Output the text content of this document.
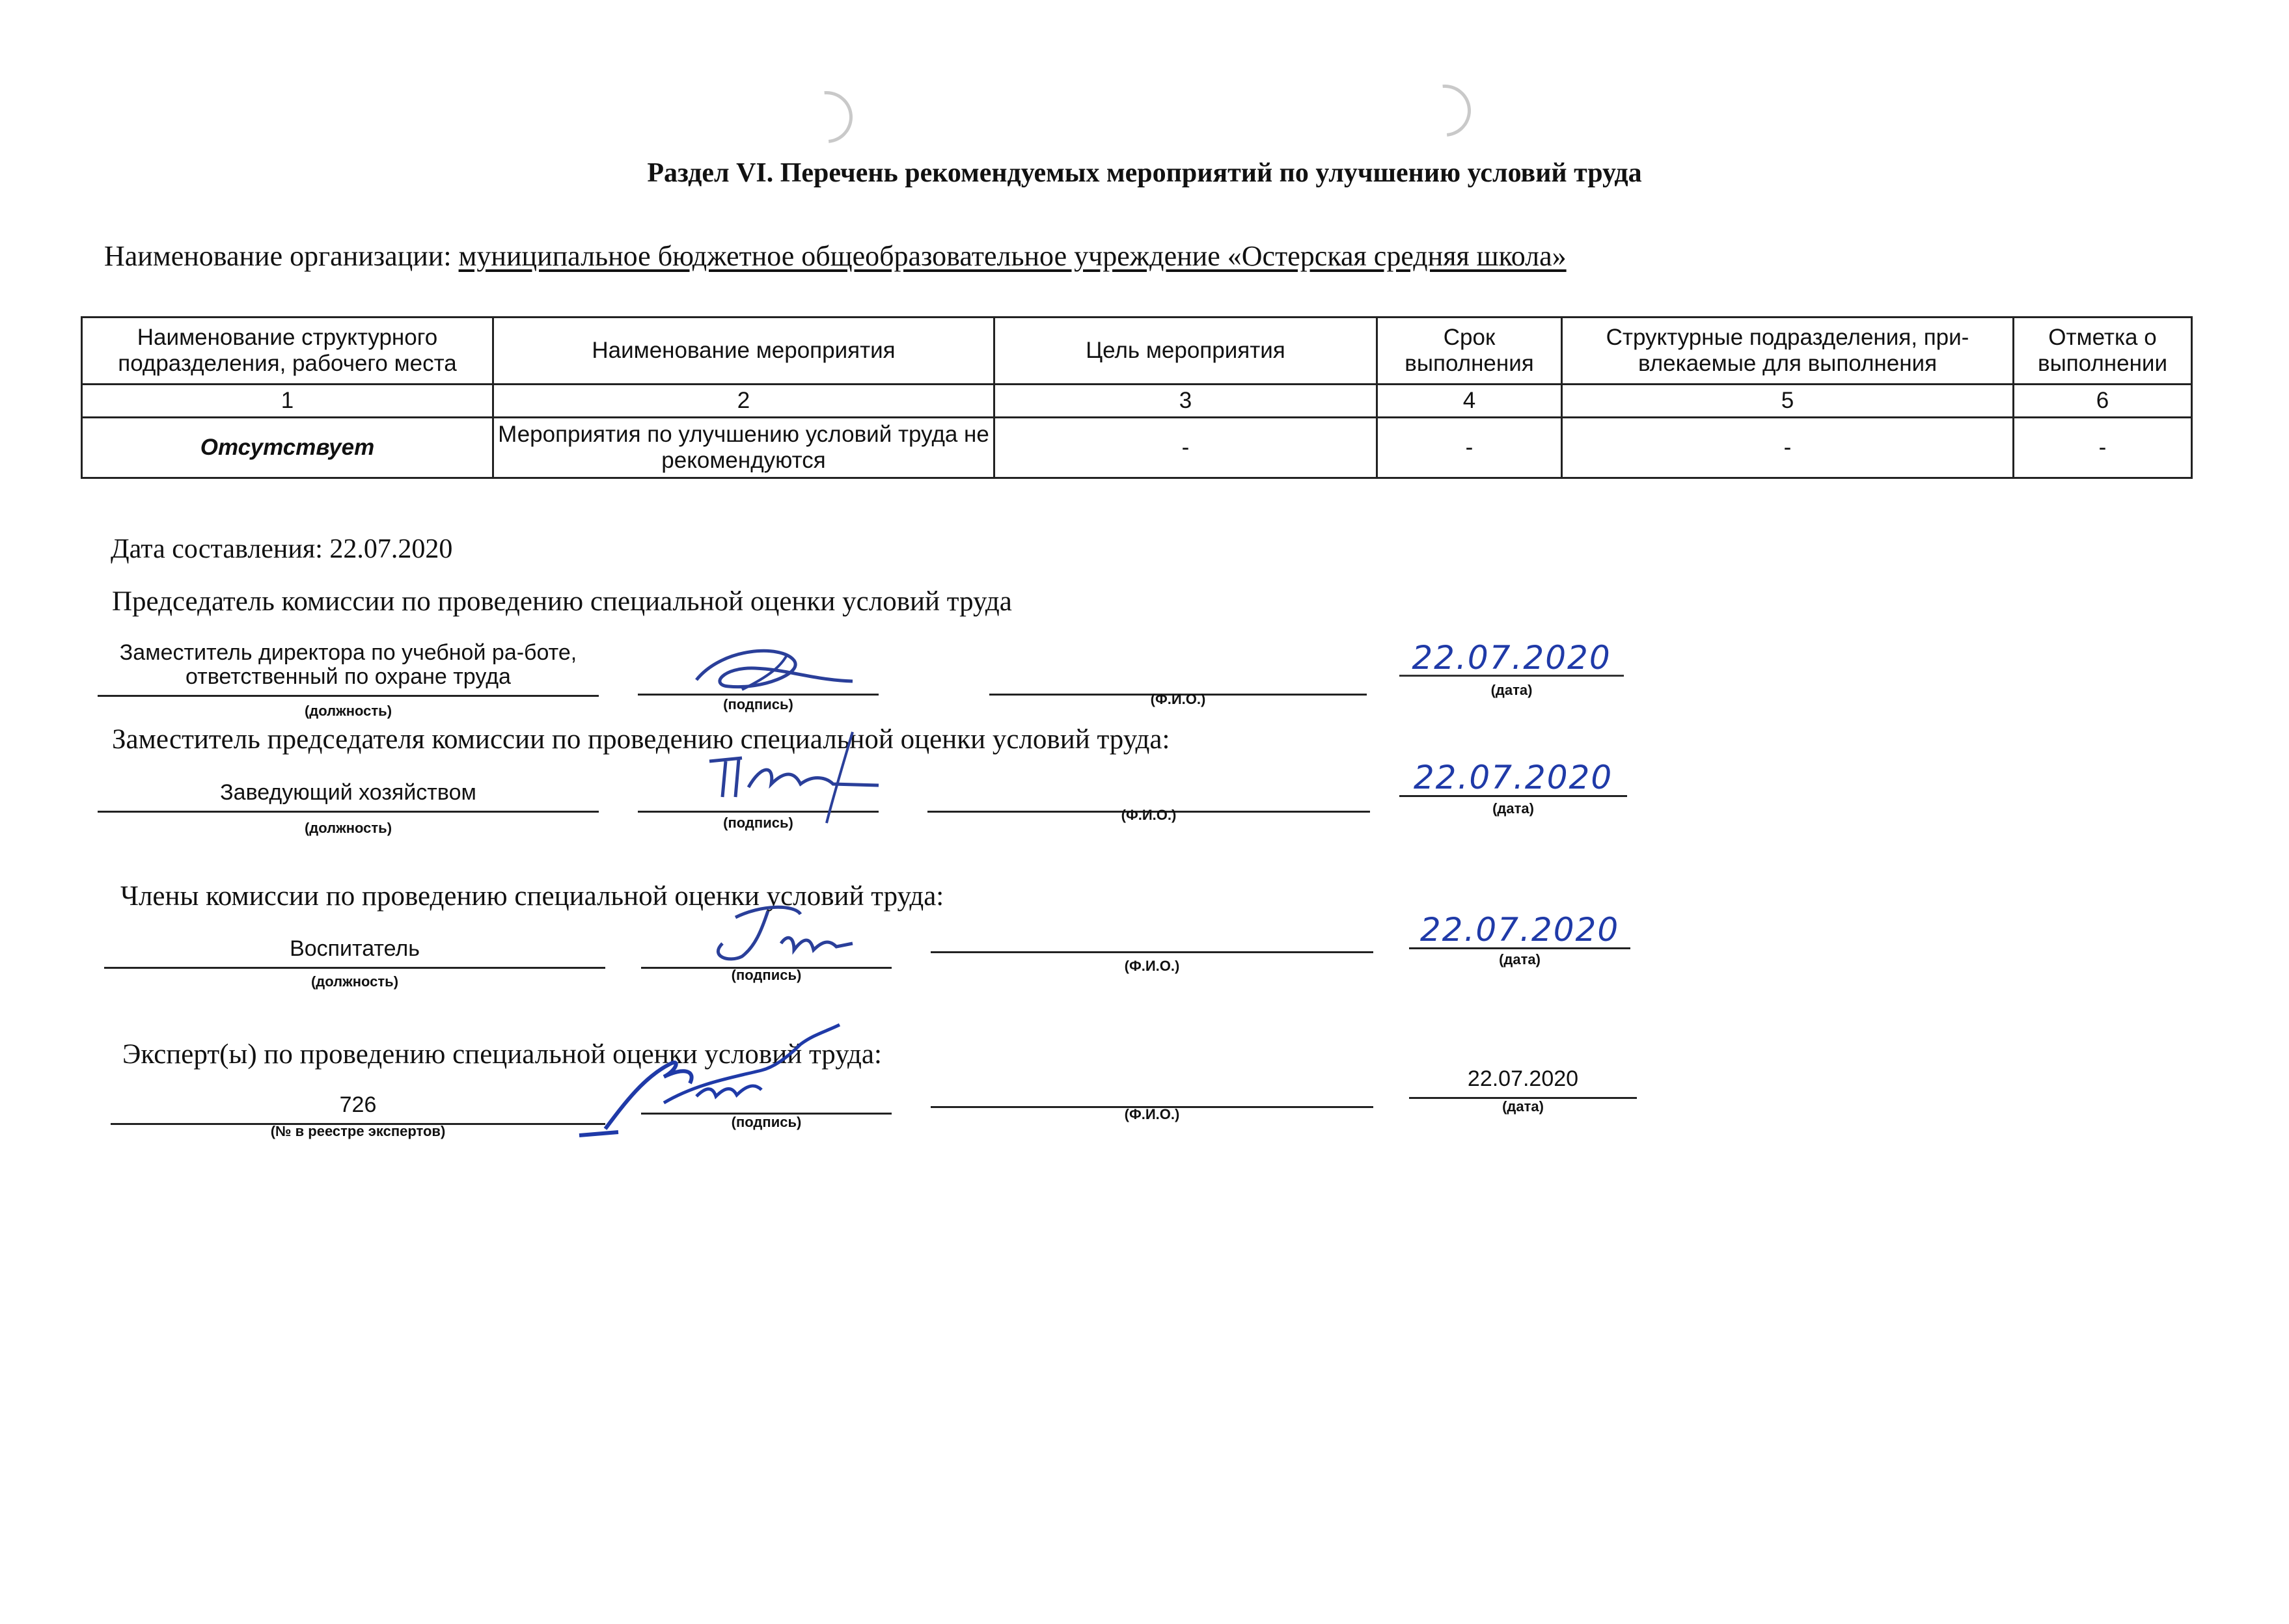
Раздел VI. Перечень рекомендуемых мероприятий по улучшению условий труда
Наименование организации: муниципальное бюджетное общеобразовательное учреждение «Остерская средняя школа»
Наименование структурного подразделения, рабочего места	Наименование мероприятия	Цель мероприятия	Срок выполнения	Структурные подразделения, при-влекаемые для выполнения	Отметка о выполнении
1	2	3	4	5	6
Отсутствует	Мероприятия по улучшению условий труда не рекомендуются	-	-	-	-
Дата составления: 22.07.2020
Председатель комиссии по проведению специальной оценки условий труда
Заместитель директора по учебной ра-боте, ответственный по охране труда
(должность)	(подпись)	(Ф.И.О.)
22.07.2020
(дата)
Заместитель председателя комиссии по проведению специальной оценки условий труда:
Заведующий хозяйством
(должность)	(подпись)	(Ф.И.О.)
22.07.2020
(дата)
Члены комиссии по проведению специальной оценки условий труда:
Воспитатель
(должность)	(подпись)
(Ф.И.О.)
22.07.2020
(дата)
Эксперт(ы) по проведению специальной оценки условий труда:
726
(№ в реестре экспертов)
(подпись)	(Ф.И.О.)
22.07.2020
(дата)
